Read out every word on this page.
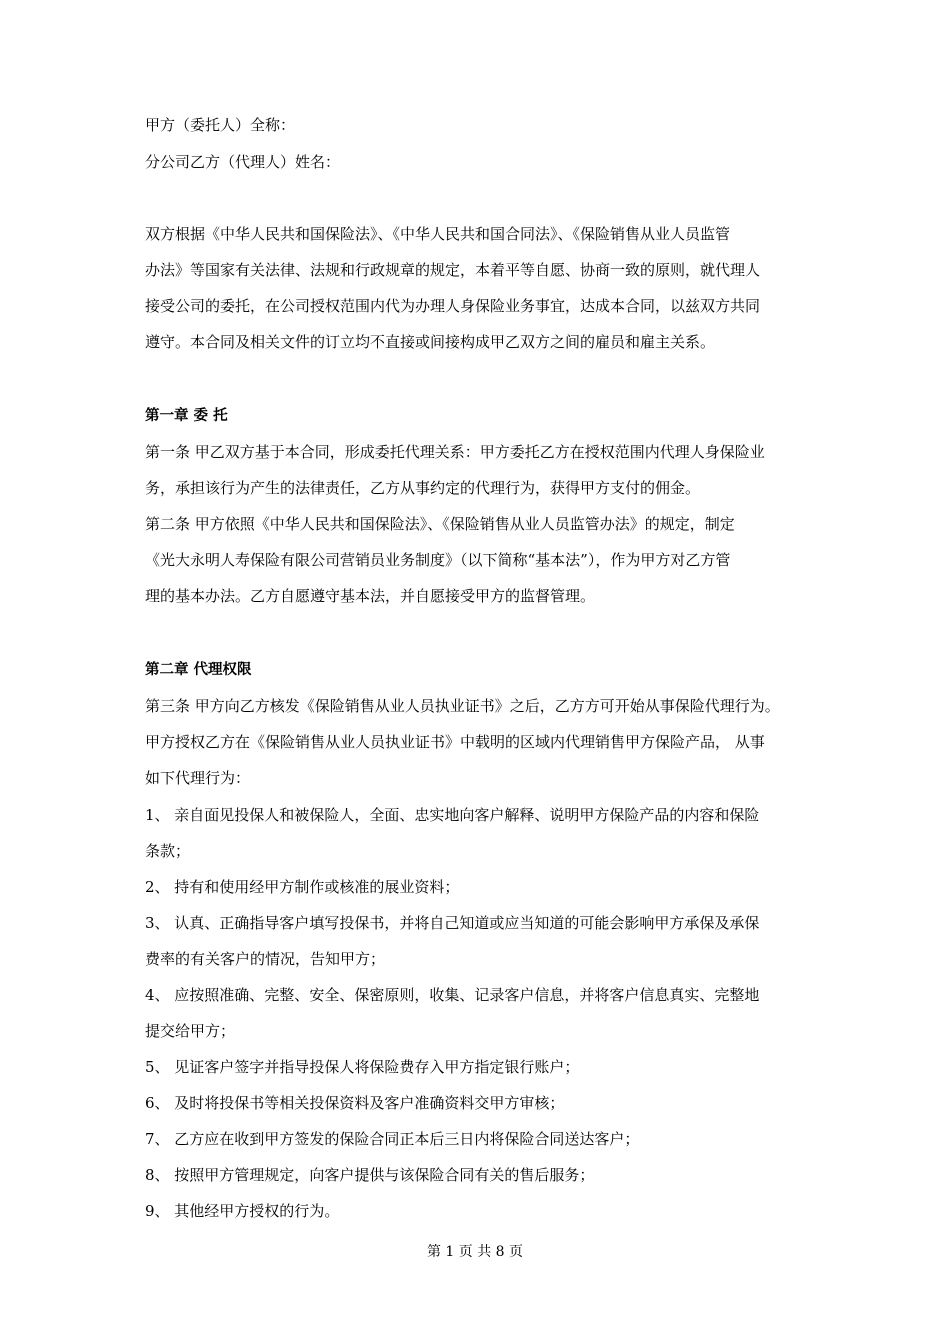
甲方（委托人）全称：
分公司乙方（代理人）姓名：
双方根据《中华人民共和国保险法》、《中华人民共和国合同法》、《保险销售从业人员监管
办法》等国家有关法律、法规和行政规章的规定，本着平等自愿、协商一致的原则，就代理人
接受公司的委托，在公司授权范围内代为办理人身保险业务事宜，达成本合同，以兹双方共同
遵守。本合同及相关文件的订立均不直接或间接构成甲乙双方之间的雇员和雇主关系。
第一章 委 托
第一条 甲乙双方基于本合同，形成委托代理关系：甲方委托乙方在授权范围内代理人身保险业
务，承担该行为产生的法律责任，乙方从事约定的代理行为，获得甲方支付的佣金。
第二条 甲方依照《中华人民共和国保险法》、《保险销售从业人员监管办法》的规定，制定
《光大永明人寿保险有限公司营销员业务制度》（以下简称“基本法”），作为甲方对乙方管
理的基本办法。乙方自愿遵守基本法，并自愿接受甲方的监督管理。
第二章 代理权限
第三条 甲方向乙方核发《保险销售从业人员执业证书》之后，乙方方可开始从事保险代理行为。
甲方授权乙方在《保险销售从业人员执业证书》中载明的区域内代理销售甲方保险产品， 从事
如下代理行为：
1、 亲自面见投保人和被保险人，全面、忠实地向客户解释、说明甲方保险产品的内容和保险
条款；
2、 持有和使用经甲方制作或核准的展业资料；
3、 认真、正确指导客户填写投保书，并将自己知道或应当知道的可能会影响甲方承保及承保
费率的有关客户的情况，告知甲方；
4、 应按照准确、完整、安全、保密原则，收集、记录客户信息，并将客户信息真实、完整地
提交给甲方；
5、 见证客户签字并指导投保人将保险费存入甲方指定银行账户；
6、 及时将投保书等相关投保资料及客户准确资料交甲方审核；
7、 乙方应在收到甲方签发的保险合同正本后三日内将保险合同送达客户；
8、 按照甲方管理规定，向客户提供与该保险合同有关的售后服务；
9、 其他经甲方授权的行为。
第 1 页 共 8 页
